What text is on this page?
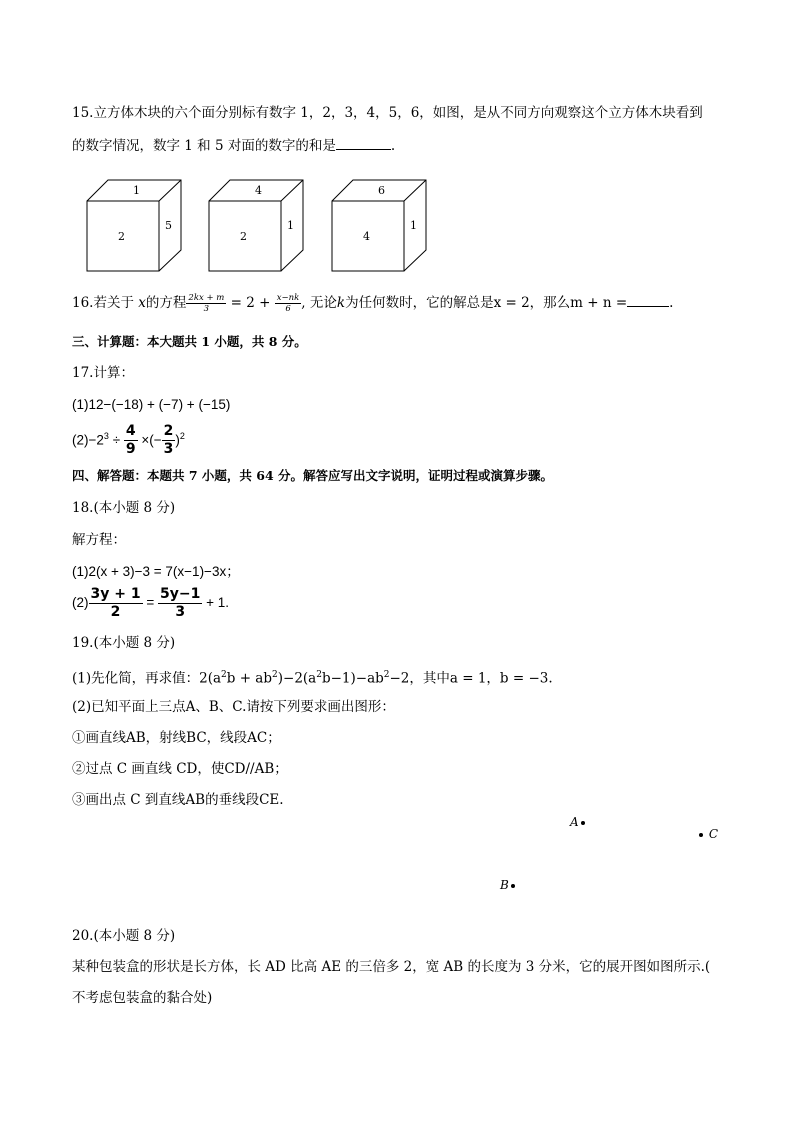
15.立方体木块的六个面分别标有数字 1，2，3，4，5，6，如图，是从不同方向观察这个立方体木块看到
的数字情况，数字 1 和 5 对面的数字的和是	.
1
2
5
4
2
1
6
4
1
16.若关于 x的方程 $\frac{2kx + m}{3} = 2 + \frac{x-nk}{6}$ , 无论k为任何数时，它的解总是x = 2，那么m + n =	.
三、计算题：本大题共 1 小题，共 8 分。
17.计算：
(1)12−(−18) + (−7) + (−15)
$(2)-2^3 \div \frac{4}{9}$ ×(− $\frac{2}{3} )^2$
四、解答题：本题共 7 小题，共 64 分。解答应写出文字说明，证明过程或演算步骤。
18.(本小题 8 分)
解方程：
(1)2(x + 3)−3 = 7(x−1)−3x；
$(2) \frac{3y + 1}{2} = \frac{5y-1}{3} + 1$.
19.(本小题 8 分)
(1)先化简，再求值：$2(a^2b + ab^2)-2(a^2b-1)-ab^2-2$，其中a = 1，b = −3.
(2)已知平面上三点A、B、C.请按下列要求画出图形：
①画直线AB，射线BC，线段AC；
②过点 C 画直线 CD，使CD//AB；
③画出点 C 到直线AB的垂线段CE.
A
C
B
20.(本小题 8 分)
某种包装盒的形状是长方体，长 AD 比高 AE 的三倍多 2，宽 AB 的长度为 3 分米，它的展开图如图所示.(
不考虑包装盒的黏合处)
